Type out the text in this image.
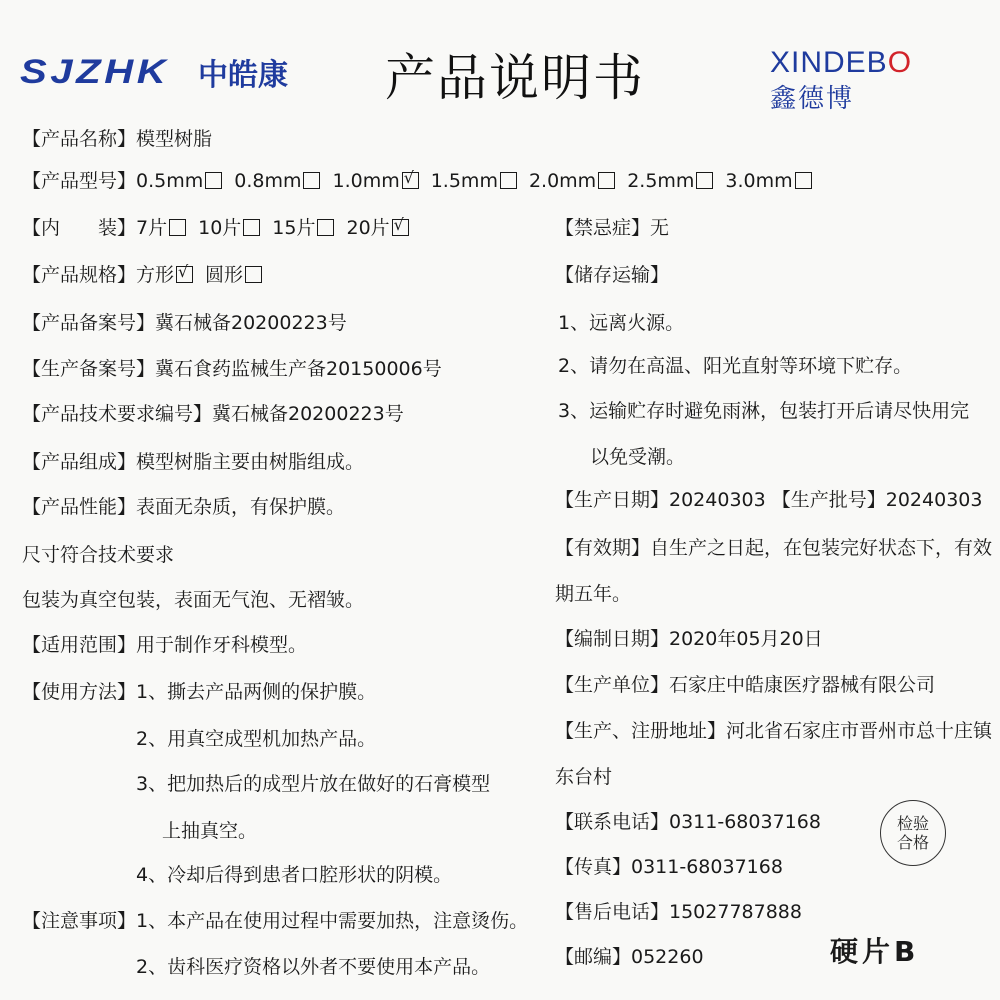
SJZHK 中皓康 产品说明书	XINDEBO
鑫德博
【产品名称】模型树脂
【产品型号】0.5mm 0.8mm 1.0mm √ 1.5mm 2.0mm 2.5mm 3.0mm
【内　　装】7片 10片 15片 20片√
【产品规格】方形 √ 圆形
【产品备案号】冀石械备20200223号
【生产备案号】冀石食药监械生产备20150006号
【产品技术要求编号】冀石械备20200223号
【产品组成】模型树脂主要由树脂组成。
【产品性能】表面无杂质，有保护膜。
尺寸符合技术要求
包装为真空包装，表面无气泡、无褶皱。
【适用范围】用于制作牙科模型。
【使用方法】 1、撕去产品两侧的保护膜。
2、用真空成型机加热产品。
3、把加热后的成型片放在做好的石膏模型
上抽真空。
4、冷却后得到患者口腔形状的阴模。
【注意事项】 1、本产品在使用过程中需要加热，注意烫伤。
2、齿科医疗资格以外者不要使用本产品。
【禁忌症】无
【储存运输】
1、远离火源。
2、请勿在高温、阳光直射等环境下贮存。
3、运输贮存时避免雨淋，包装打开后请尽快用完
以免受潮。
【生产日期】20240303 【生产批号】20240303
【有效期】自生产之日起，在包装完好状态下，有效
期五年。
【编制日期】2020年05月20日
【生产单位】石家庄中皓康医疗器械有限公司
【生产、注册地址】河北省石家庄市晋州市总十庄镇
东台村
【联系电话】0311-68037168
【传真】0311-68037168
【售后电话】15027787888
【邮编】052260
检验
合格
硬片B
